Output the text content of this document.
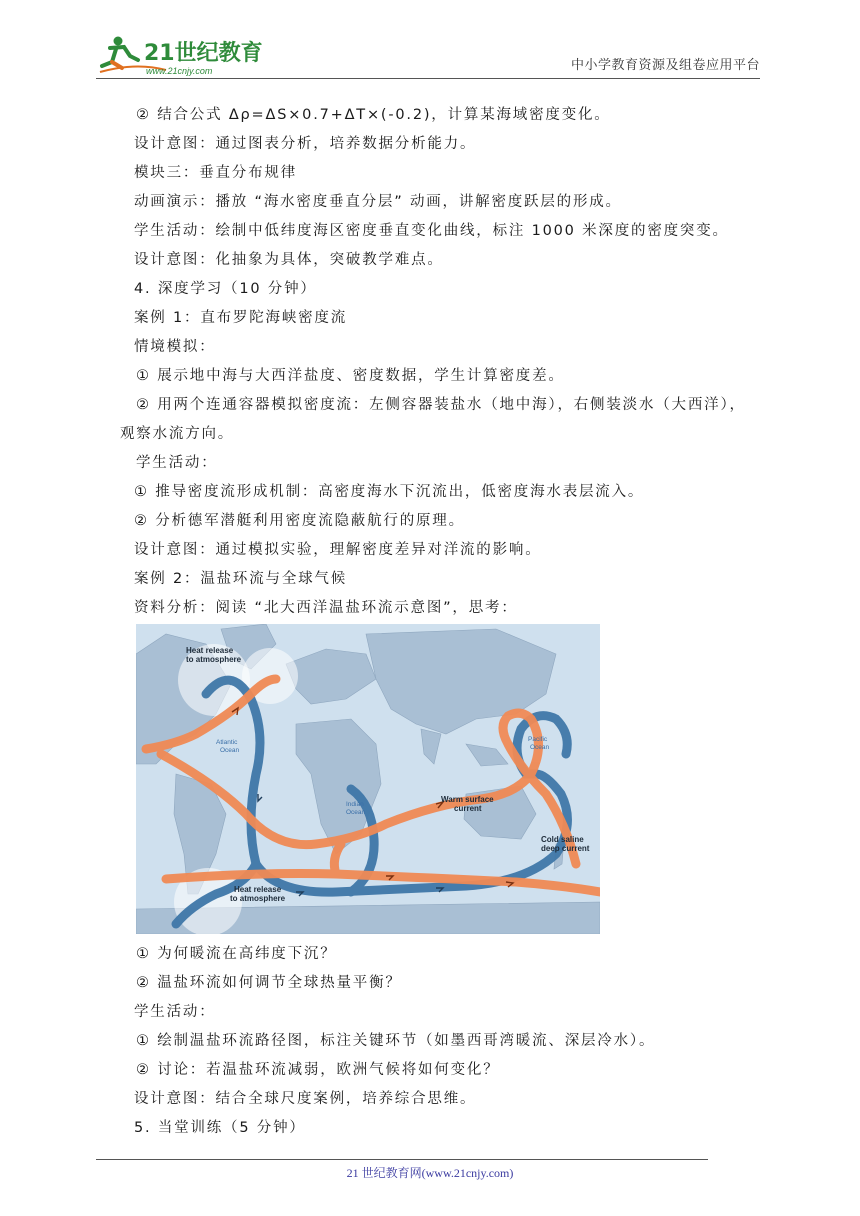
21世纪教育
www.21cnjy.com	中小学教育资源及组卷应用平台
② 结合公式 Δρ=ΔS×0.7+ΔT×(-0.2)，计算某海域密度变化。
设计意图：通过图表分析，培养数据分析能力。
模块三：垂直分布规律
动画演示：播放 “海水密度垂直分层” 动画，讲解密度跃层的形成。
学生活动：绘制中低纬度海区密度垂直变化曲线，标注 1000 米深度的密度突变。
设计意图：化抽象为具体，突破教学难点。
4. 深度学习（10 分钟）
案例 1：直布罗陀海峡密度流
情境模拟：
① 展示地中海与大西洋盐度、密度数据，学生计算密度差。
② 用两个连通容器模拟密度流：左侧容器装盐水（地中海），右侧装淡水（大西洋），
观察水流方向。
学生活动：
① 推导密度流形成机制：高密度海水下沉流出，低密度海水表层流入。
② 分析德军潜艇利用密度流隐蔽航行的原理。
设计意图：通过模拟实验，理解密度差异对洋流的影响。
案例 2：温盐环流与全球气候
资料分析：阅读 “北大西洋温盐环流示意图”，思考：
Heat release
to atmosphere
Atlantic
Ocean
Pacific
Ocean
Indian
Ocean
Warm surface
current
Cold saline
deep current
Heat release
to atmosphere
① 为何暖流在高纬度下沉？
② 温盐环流如何调节全球热量平衡？
学生活动：
① 绘制温盐环流路径图，标注关键环节（如墨西哥湾暖流、深层冷水）。
② 讨论：若温盐环流减弱，欧洲气候将如何变化？
设计意图：结合全球尺度案例，培养综合思维。
5. 当堂训练（5 分钟）
21 世纪教育网(www.21cnjy.com)
